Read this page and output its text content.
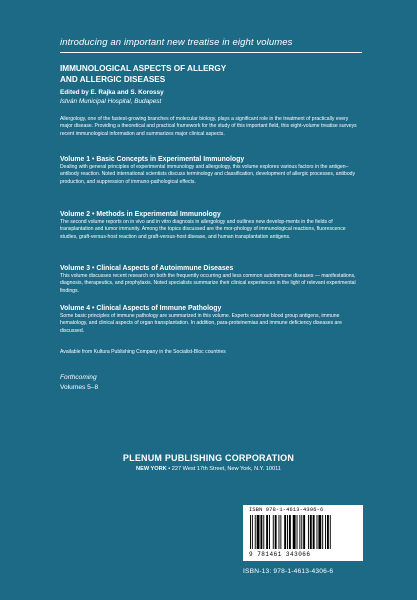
introducing an important new treatise in eight volumes
IMMUNOLOGICAL ASPECTS OF ALLERGY
AND ALLERGIC DISEASES
Edited by E. Rajka and S. Korossy
István Municipal Hospital, Budapest
Allergology, one of the fastest-growing branches of molecular biology, plays a significant role in the treatment of practically every major disease. Providing a theoretical and practical framework for the study of this important field, this eight-volume treatise surveys recent immunological information and summarizes major clinical aspects.
Volume 1 • Basic Concepts in Experimental Immunology
Dealing with general principles of experimental immunology and allergology, this volume explores various factors in the antigen–antibody reaction. Noted international scientists discuss terminology and classification, development of allergic processes, antibody production, and suppression of immuno-pathological effects.
Volume 2 • Methods in Experimental Immunology
The second volume reports on in vivo and in vitro diagnosis in allergology and outlines new develop-ments in the fields of transplantation and tumor immunity. Among the topics discussed are the mor-phology of immunological reactions, fluorescence studies, graft-versus-host reaction and graft-versus-host disease, and human transplantation antigens.
Volume 3 • Clinical Aspects of Autoimmune Diseases
This volume discusses recent research on both the frequently occurring and less common autoimmune diseases — manifestations, diagnosis, therapeutics, and prophylaxis. Noted specialists summarize their clinical experiences in the light of relevant experimental findings.
Volume 4 • Clinical Aspects of Immune Pathology
Some basic principles of immune pathology are summarized in this volume. Experts examine blood group antigens, immune hematology, and clinical aspects of organ transplantation. In addition, para-proteinemias and immune deficiency diseases are discussed.
Available from Kultura Publishing Company in the Socialist-Bloc countries
Forthcoming
Volumes 5–8
PLENUM PUBLISHING CORPORATION
NEW YORK • 227 West 17th Street, New York, N.Y. 10011
ISBN 978-1-4613-4306-6
9 781461 343066
ISBN-13: 978-1-4613-4306-6
